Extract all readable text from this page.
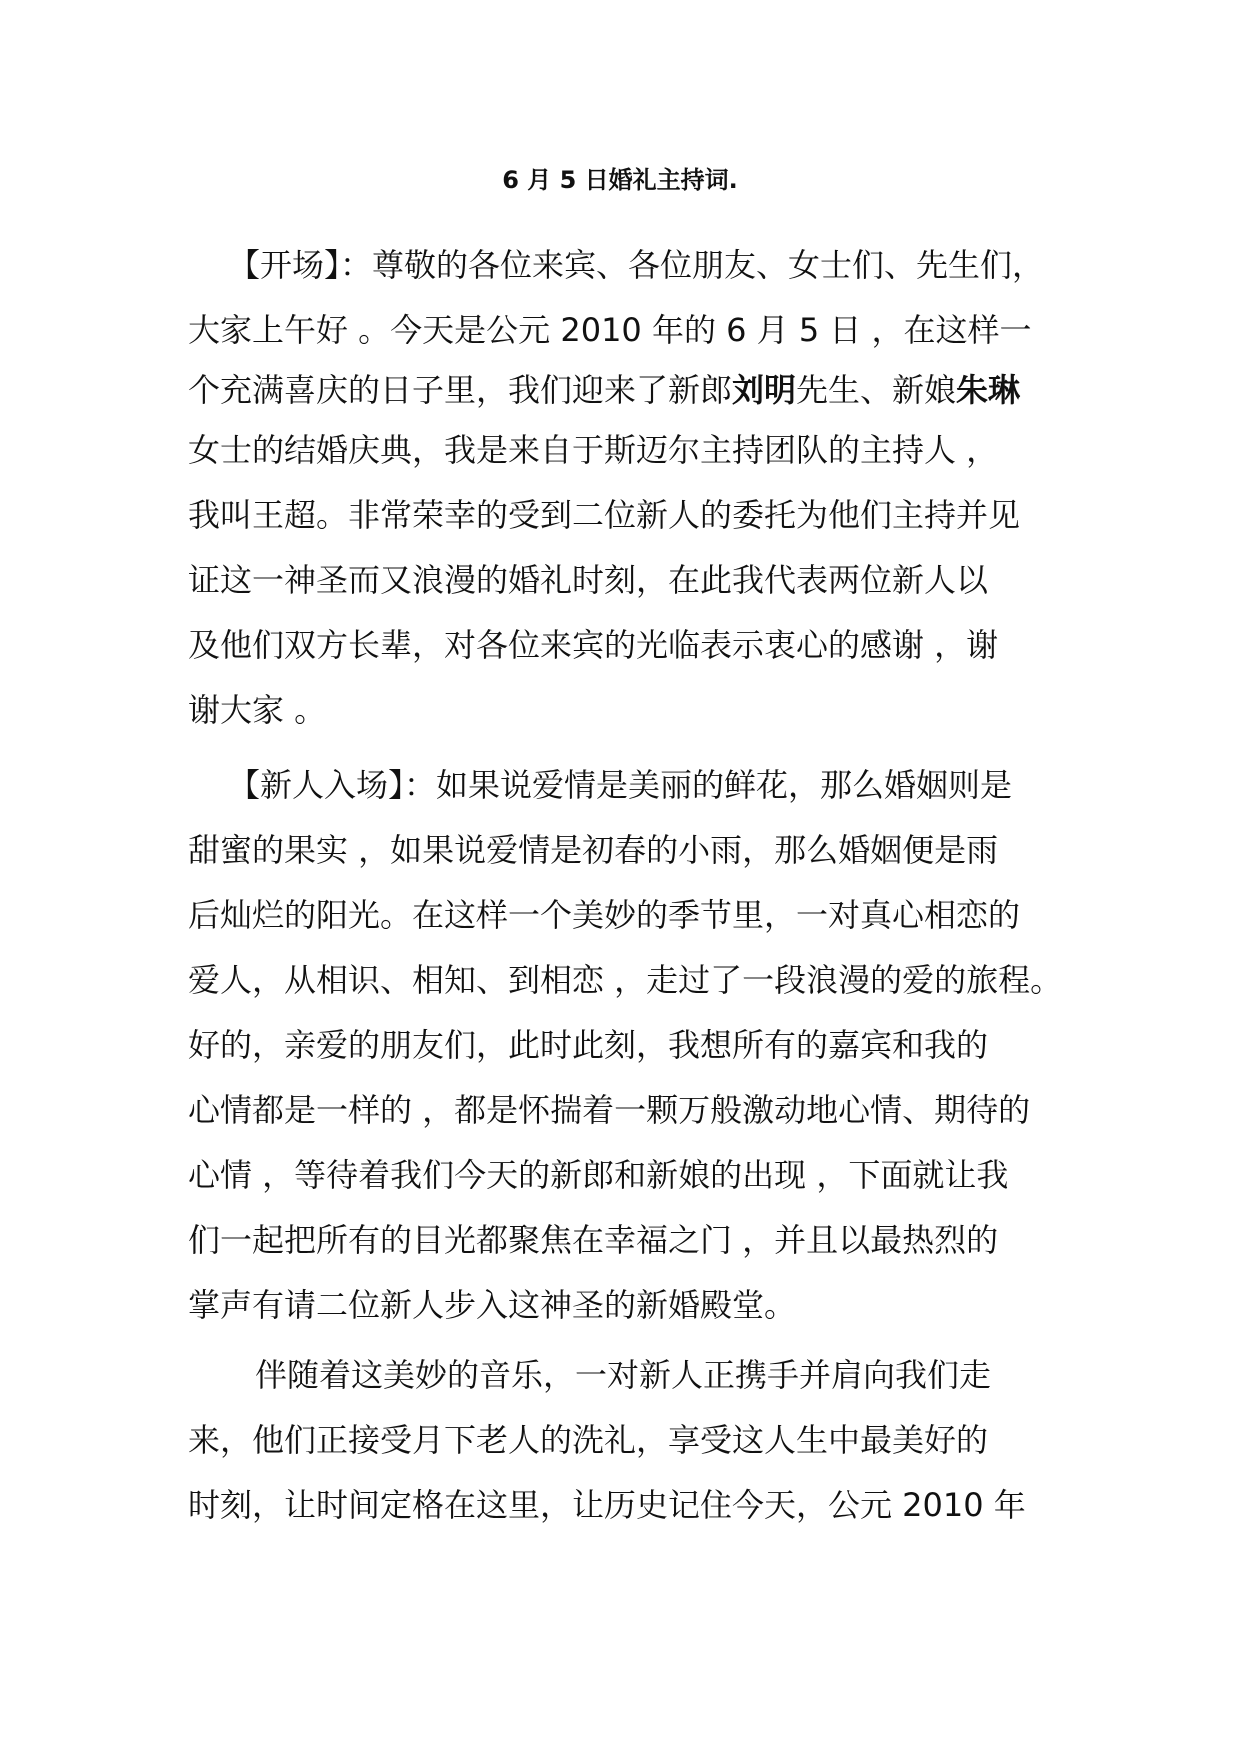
6 月 5 日婚礼主持词.
【开场】：尊敬的各位来宾、各位朋友、女士们、先生们，
大家上午好 。今天是公元 2010 年的 6 月 5 日 ，在这样一
个充满喜庆的日子里，我们迎来了新郎刘明先生、新娘朱琳
女士的结婚庆典，我是来自于斯迈尔主持团队的主持人 ，
我叫王超。非常荣幸的受到二位新人的委托为他们主持并见
证这一神圣而又浪漫的婚礼时刻，在此我代表两位新人以
及他们双方长辈，对各位来宾的光临表示衷心的感谢 ，谢
谢大家 。
【新人入场】：如果说爱情是美丽的鲜花，那么婚姻则是
甜蜜的果实 ，如果说爱情是初春的小雨，那么婚姻便是雨
后灿烂的阳光。在这样一个美妙的季节里，一对真心相恋的
爱人，从相识、相知、到相恋 ，走过了一段浪漫的爱的旅程。
好的，亲爱的朋友们，此时此刻，我想所有的嘉宾和我的
心情都是一样的 ，都是怀揣着一颗万般激动地心情、期待的
心情 ，等待着我们今天的新郎和新娘的出现 ，下面就让我
们一起把所有的目光都聚焦在幸福之门 ，并且以最热烈的
掌声有请二位新人步入这神圣的新婚殿堂。
伴随着这美妙的音乐，一对新人正携手并肩向我们走
来，他们正接受月下老人的洗礼，享受这人生中最美好的
时刻，让时间定格在这里，让历史记住今天，公元 2010 年
